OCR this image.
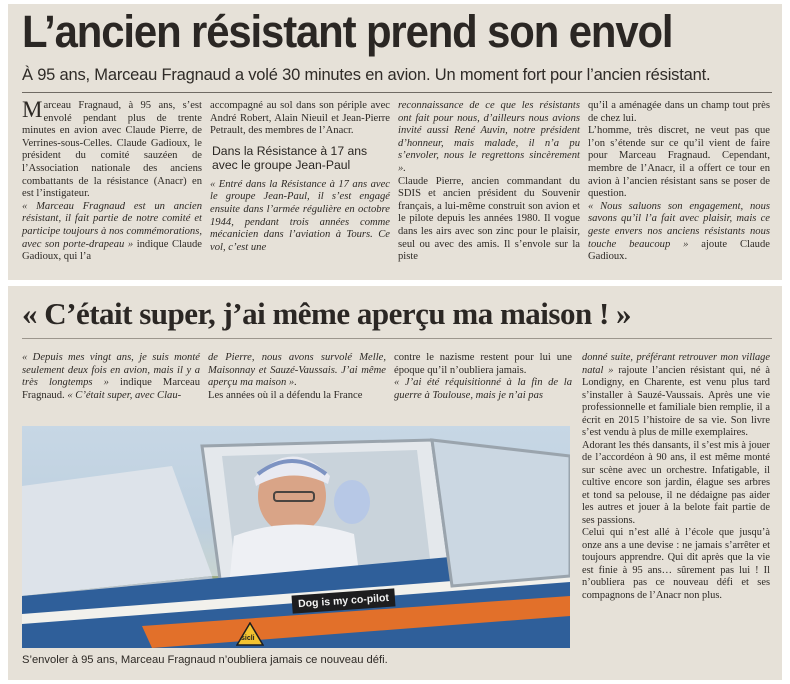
L’ancien résistant prend son envol
À 95 ans, Marceau Fragnaud a volé 30 minutes en avion. Un moment fort pour l’ancien résistant.

Marceau Fragnaud, à 95 ans, s’est envolé pendant plus de trente minutes en avion avec Claude Pierre, de Verrines-sous-Celles. Claude Gadioux, le président du comité sauzéen de l’Association nationale des anciens combattants de la résistance (Anacr) en est l’instigateur.

« Marceau Fragnaud est un ancien résistant, il fait partie de notre comité et participe toujours à nos commémorations, avec son porte-drapeau » indique Claude Gadioux, qui l’a

accompagné au sol dans son périple avec André Robert, Alain Nieuil et Jean-Pierre Petrault, des membres de l’Anacr.

Dans la Résistance à 17 ans avec le groupe Jean-Paul

« Entré dans la Résistance à 17 ans avec le groupe Jean-Paul, il s’est engagé ensuite dans l’armée régulière en octobre 1944, pendant trois années comme mécanicien dans l’aviation à Tours. Ce vol, c’est une

reconnaissance de ce que les résistants ont fait pour nous, d’ailleurs nous avions invité aussi René Auvin, notre président d’honneur, mais malade, il n’a pu s’envoler, nous le regrettons sincèrement ».

Claude Pierre, ancien commandant du SDIS et ancien président du Souvenir français, a lui-même construit son avion et le pilote depuis les années 1980. Il vogue dans les airs avec son zinc pour le plaisir, seul ou avec des amis. Il s’envole sur la piste

qu’il a aménagée dans un champ tout près de chez lui.

L’homme, très discret, ne veut pas que l’on s’étende sur ce qu’il vient de faire pour Marceau Fragnaud. Cependant, membre de l’Anacr, il a offert ce tour en avion à l’ancien résistant sans se poser de question.

« Nous saluons son engagement, nous savons qu’il l’a fait avec plaisir, mais ce geste envers nos anciens résistants nous touche beaucoup » ajoute Claude Gadioux.

« C’était super, j’ai même aperçu ma maison ! »

« Depuis mes vingt ans, je suis monté seulement deux fois en avion, mais il y a très longtemps » indique Marceau Fragnaud. « C’était super, avec Clau-

de Pierre, nous avons survolé Melle, Maisonnay et Sauzé-Vaussais. J’ai même aperçu ma maison ».

Les années où il a défendu la France

contre le nazisme restent pour lui une époque qu’il n’oubliera jamais.

« J’ai été réquisitionné à la fin de la guerre à Toulouse, mais je n’ai pas

donné suite, préférant retrouver mon village natal » rajoute l’ancien résistant qui, né à Londigny, en Charente, est venu plus tard s’installer à Sauzé-Vaussais. Après une vie professionnelle et familiale bien remplie, il a écrit en 2015 l’histoire de sa vie. Son livre s’est vendu à plus de mille exemplaires.

Adorant les thés dansants, il s’est mis à jouer de l’accordéon à 90 ans, il est même monté sur scène avec un orchestre. Infatigable, il cultive encore son jardin, élague ses arbres et tond sa pelouse, il ne dédaigne pas aider les autres et jouer à la belote fait partie de ses passions.

Celui qui n’est allé à l’école que jusqu’à onze ans a une devise : ne jamais s’arrêter et toujours apprendre. Qui dit après que la vie est finie à 95 ans… sûrement pas lui ! Il n’oubliera pas ce nouveau défi et ses compagnons de l’Anacr non plus.

Dog is my co-pilot
sicli
S’envoler à 95 ans, Marceau Fragnaud n’oubliera jamais ce nouveau défi.
